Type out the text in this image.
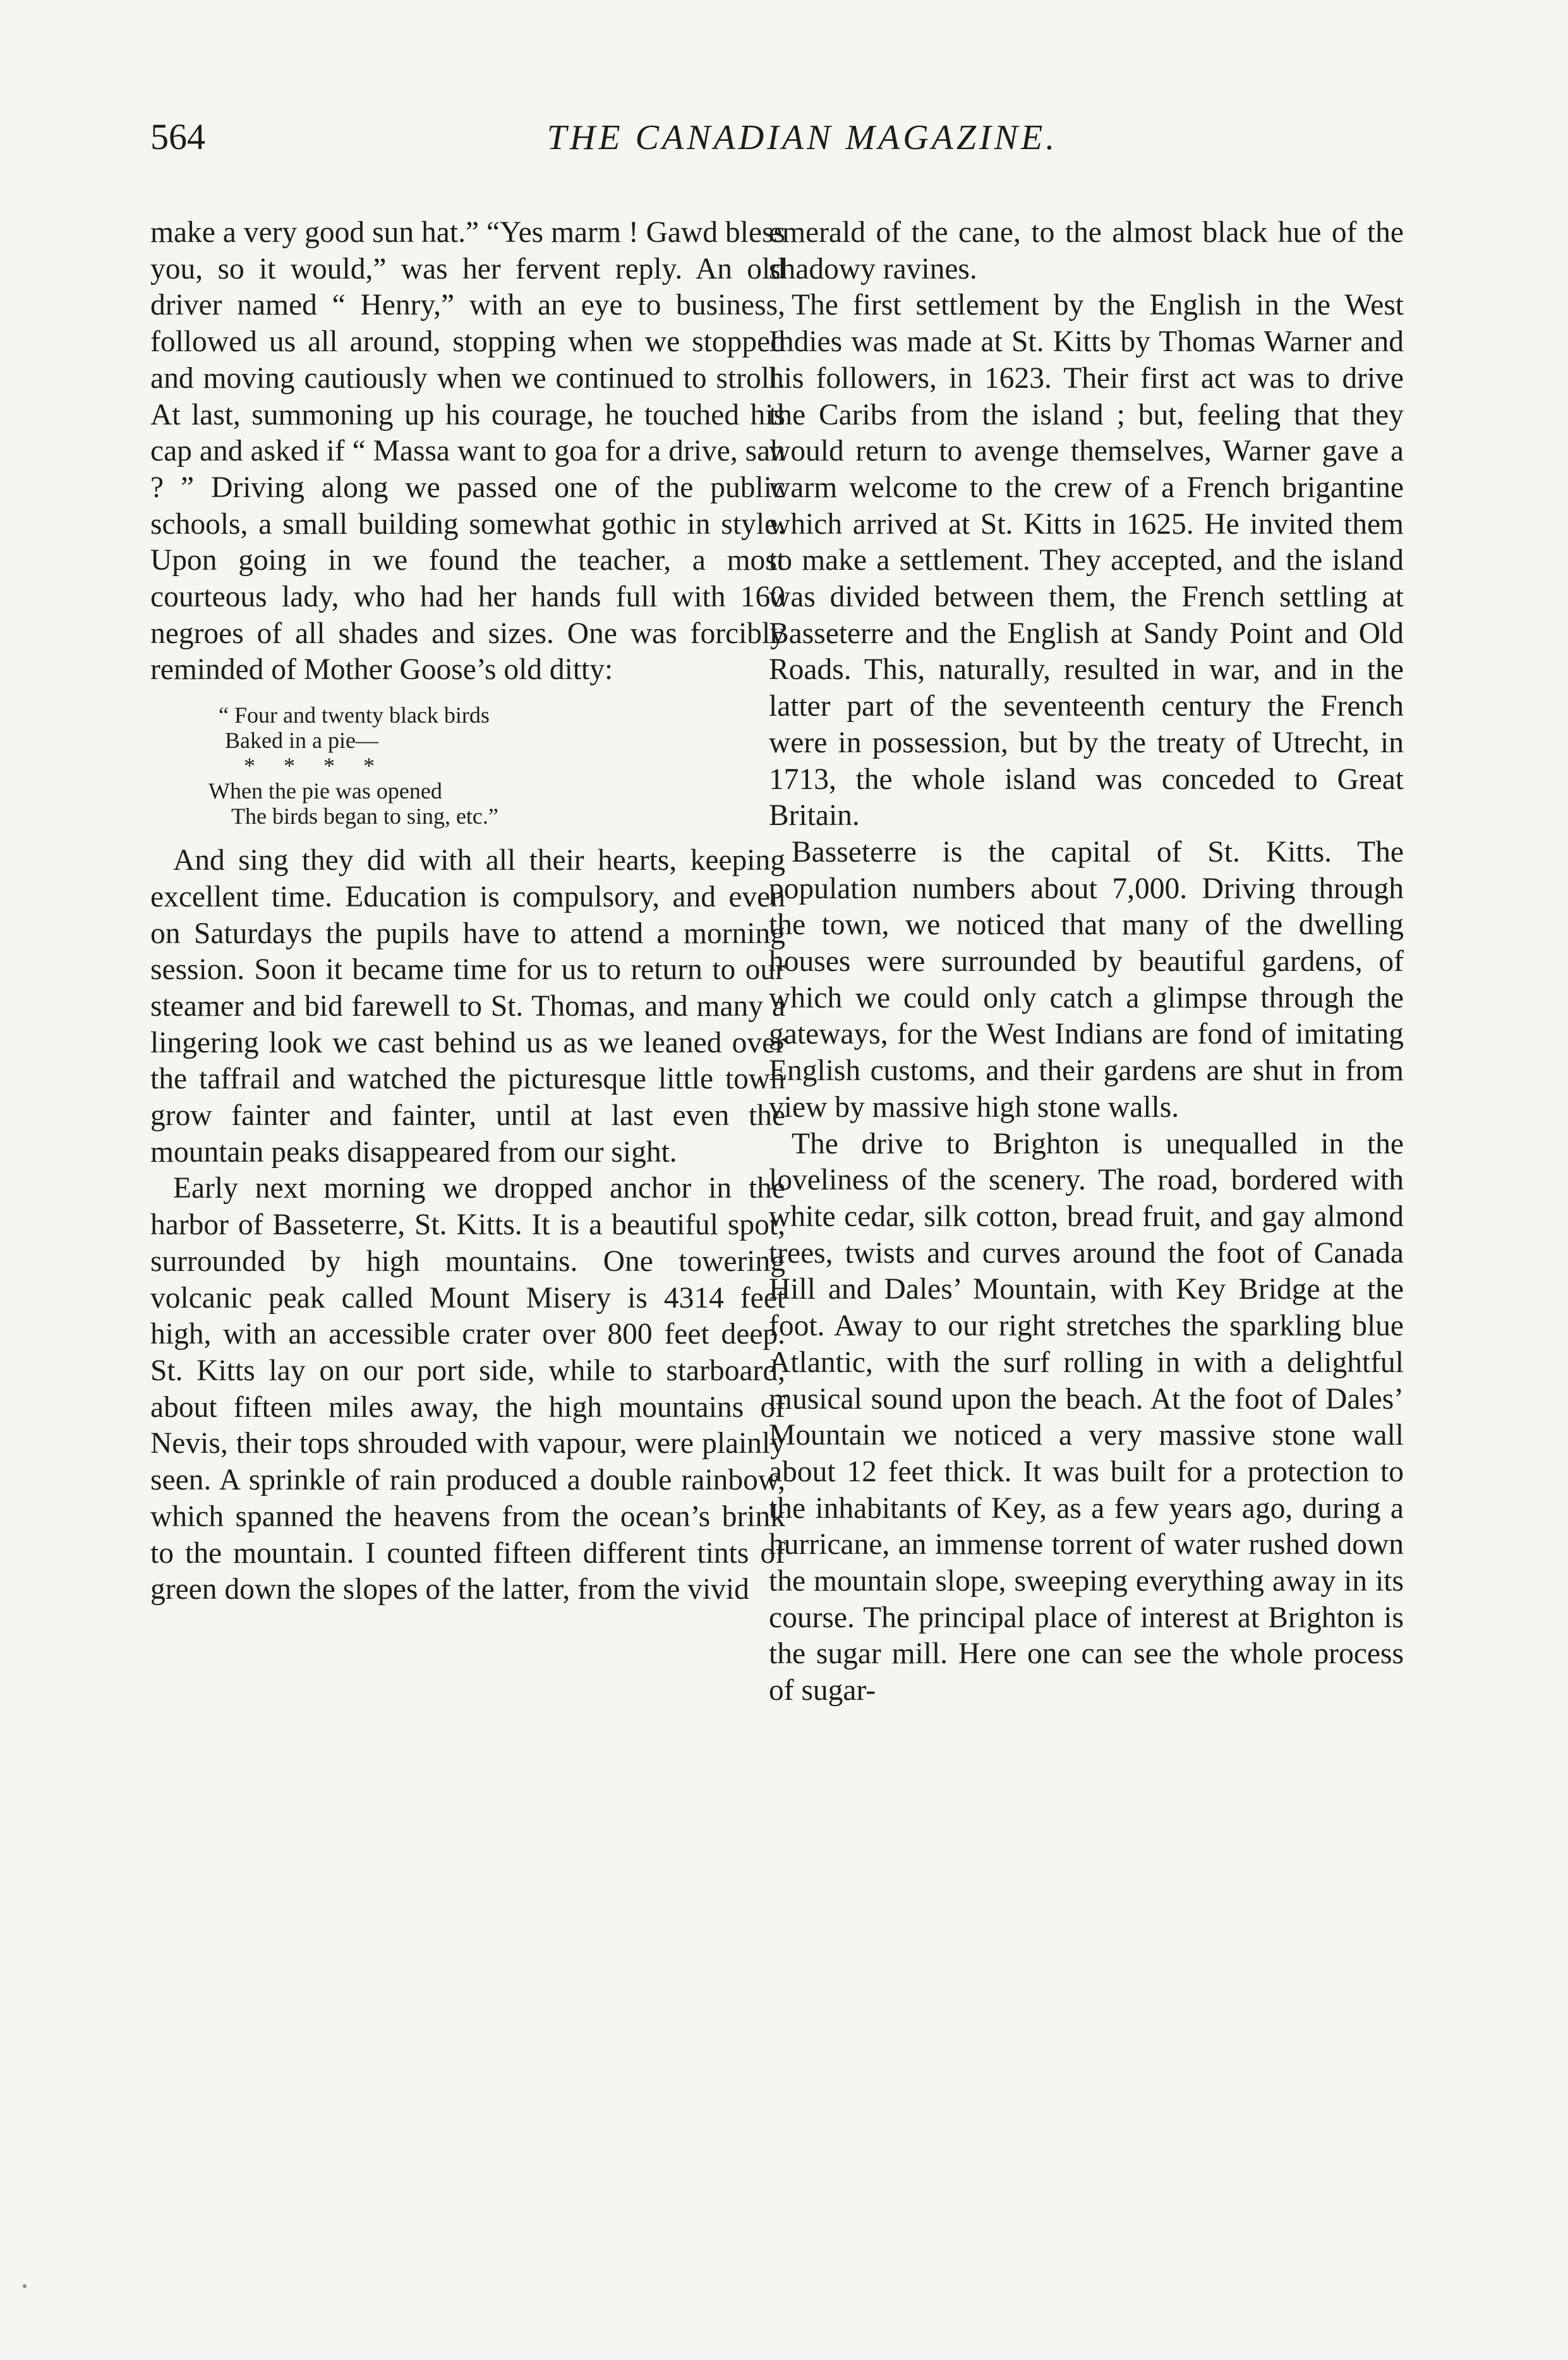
564	THE CANADIAN MAGAZINE.

make a very good sun hat.” “Yes marm ! Gawd bless you, so it would,” was her fervent reply. An old driver named “ Henry,” with an eye to business, followed us all around, stopping when we stopped and moving cautiously when we continued to stroll. At last, summoning up his courage, he touched his cap and asked if “ Massa want to goa for a drive, sah ? ” Driving along we passed one of the public schools, a small building somewhat gothic in style. Upon going in we found the teacher, a most courteous lady, who had her hands full with 160 negroes of all shades and sizes. One was forcibly reminded of Mother Goose’s old ditty:

“ Four and twenty black birds
Baked in a pie—
*     *     *     *
When the pie was opened
The birds began to sing, etc.”

And sing they did with all their hearts, keeping excellent time. Education is compulsory, and even on Saturdays the pupils have to attend a morning session. Soon it became time for us to return to our steamer and bid farewell to St. Thomas, and many a lingering look we cast behind us as we leaned over the taffrail and watched the picturesque little town grow fainter and fainter, until at last even the mountain peaks disappeared from our sight.

Early next morning we dropped anchor in the harbor of Basseterre, St. Kitts. It is a beautiful spot, surrounded by high mountains. One towering volcanic peak called Mount Misery is 4314 feet high, with an accessible crater over 800 feet deep. St. Kitts lay on our port side, while to starboard, about fifteen miles away, the high mountains of Nevis, their tops shrouded with vapour, were plainly seen. A sprinkle of rain produced a double rainbow, which spanned the heavens from the ocean’s brink to the mountain. I counted fifteen different tints of green down the slopes of the latter, from the vivid

emerald of the cane, to the almost black hue of the shadowy ravines.

The first settlement by the English in the West Indies was made at St. Kitts by Thomas Warner and his followers, in 1623. Their first act was to drive the Caribs from the island ; but, feeling that they would return to avenge themselves, Warner gave a warm welcome to the crew of a French brigantine which arrived at St. Kitts in 1625. He invited them to make a settlement. They accepted, and the island was divided between them, the French settling at Basseterre and the English at Sandy Point and Old Roads. This, naturally, resulted in war, and in the latter part of the seventeenth century the French were in possession, but by the treaty of Utrecht, in 1713, the whole island was conceded to Great Britain.

Basseterre is the capital of St. Kitts. The population numbers about 7,000. Driving through the town, we noticed that many of the dwelling houses were surrounded by beautiful gardens, of which we could only catch a glimpse through the gateways, for the West Indians are fond of imitating English customs, and their gardens are shut in from view by massive high stone walls.

The drive to Brighton is unequalled in the loveliness of the scenery. The road, bordered with white cedar, silk cotton, bread fruit, and gay almond trees, twists and curves around the foot of Canada Hill and Dales’ Mountain, with Key Bridge at the foot. Away to our right stretches the sparkling blue Atlantic, with the surf rolling in with a delightful musical sound upon the beach. At the foot of Dales’ Mountain we noticed a very massive stone wall about 12 feet thick. It was built for a protection to the inhabitants of Key, as a few years ago, during a hurricane, an immense torrent of water rushed down the mountain slope, sweeping everything away in its course. The principal place of interest at Brighton is the sugar mill. Here one can see the whole process of sugar-
